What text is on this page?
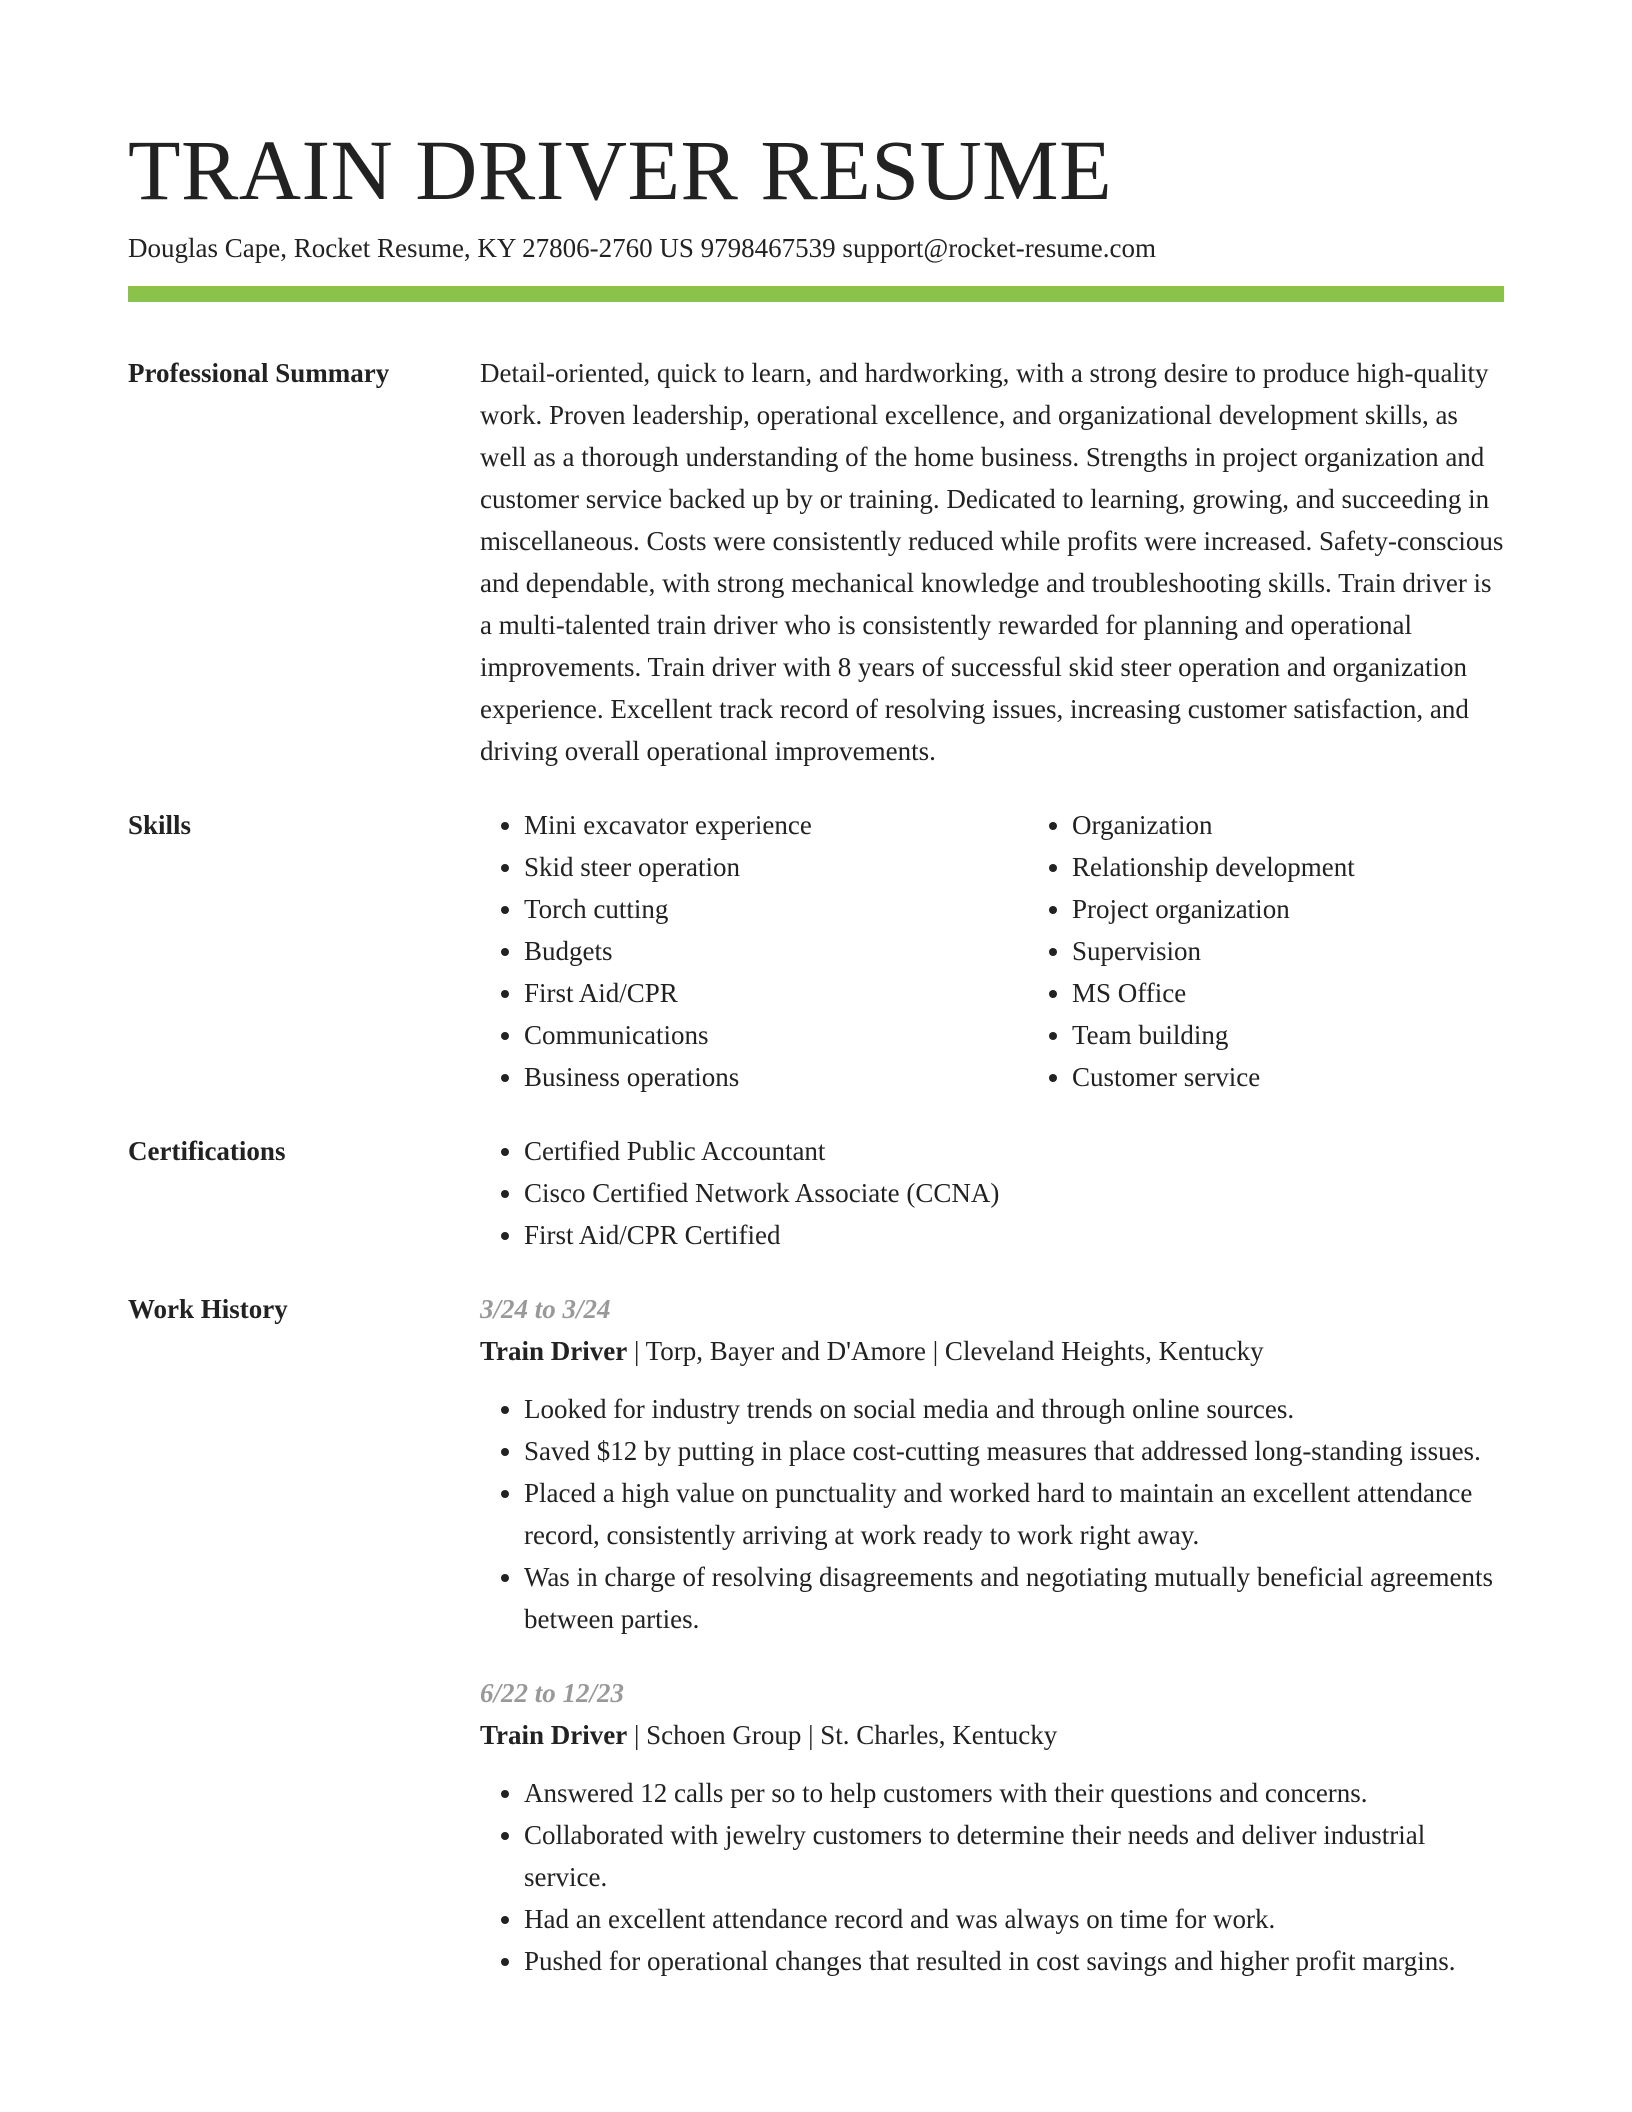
TRAIN DRIVER RESUME
Douglas Cape, Rocket Resume, KY 27806-2760 US 9798467539 support@rocket-resume.com
Professional Summary	Detail-oriented, quick to learn, and hardworking, with a strong desire to produce high-quality work. Proven leadership, operational excellence, and organizational development skills, as well as a thorough understanding of the home business. Strengths in project organization and customer service backed up by or training. Dedicated to learning, growing, and succeeding in miscellaneous. Costs were consistently reduced while profits were increased. Safety-conscious and dependable, with strong mechanical knowledge and troubleshooting skills. Train driver is a multi-talented train driver who is consistently rewarded for planning and operational improvements. Train driver with 8 years of successful skid steer operation and organization experience. Excellent track record of resolving issues, increasing customer satisfaction, and driving overall operational improvements.
Skills	• Mini excavator experience
• Skid steer operation
• Torch cutting
• Budgets
• First Aid/CPR
• Communications
• Business operations
• Organization
• Relationship development
• Project organization
• Supervision
• MS Office
• Team building
• Customer service
Certifications	• Certified Public Accountant
• Cisco Certified Network Associate (CCNA)
• First Aid/CPR Certified
Work History	3/24 to 3/24
Train Driver | Torp, Bayer and D'Amore | Cleveland Heights, Kentucky
• Looked for industry trends on social media and through online sources.
• Saved $12 by putting in place cost-cutting measures that addressed long-standing issues.
• Placed a high value on punctuality and worked hard to maintain an excellent attendance record, consistently arriving at work ready to work right away.
• Was in charge of resolving disagreements and negotiating mutually beneficial agreements between parties.
6/22 to 12/23
Train Driver | Schoen Group | St. Charles, Kentucky
• Answered 12 calls per so to help customers with their questions and concerns.
• Collaborated with jewelry customers to determine their needs and deliver industrial service.
• Had an excellent attendance record and was always on time for work.
• Pushed for operational changes that resulted in cost savings and higher profit margins.
